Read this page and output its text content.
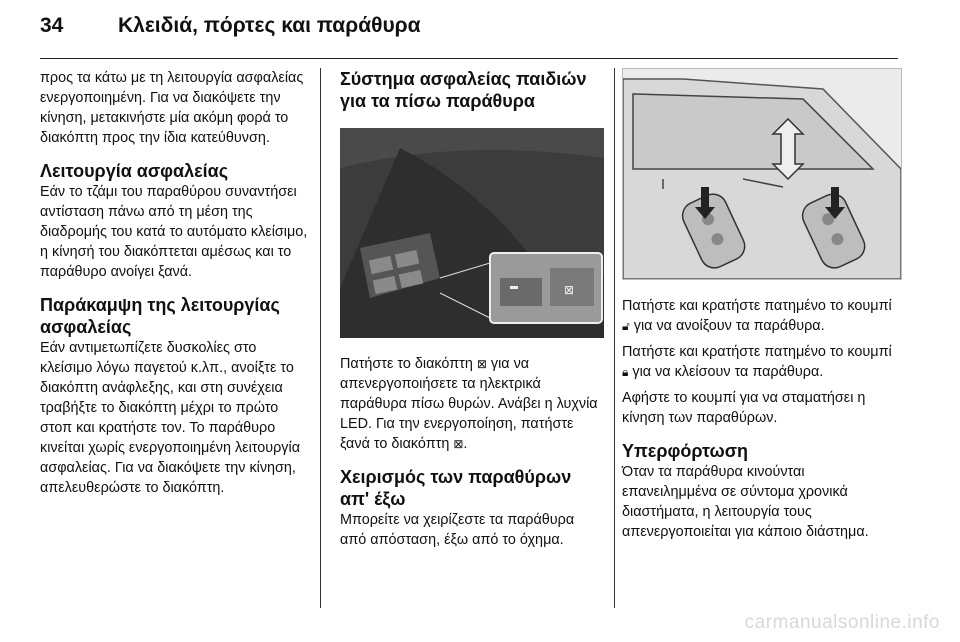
34	Κλειδιά, πόρτες και παράθυρα

προς τα κάτω με τη λειτουργία ασφαλείας ενεργοποιημένη. Για να διακόψετε την κίνηση, μετακινήστε μία ακόμη φορά το διακόπτη προς την ίδια κατεύθυνση.

Λειτουργία ασφαλείας

Εάν το τζάμι του παραθύρου συναντήσει αντίσταση πάνω από τη μέση της διαδρομής του κατά το αυτόματο κλείσιμο, η κίνησή του διακόπτεται αμέσως και το παράθυρο ανοίγει ξανά.

Παράκαμψη της λειτουργίας ασφαλείας

Εάν αντιμετωπίζετε δυσκολίες στο κλείσιμο λόγω παγετού κ.λπ., ανοίξτε το διακόπτη ανάφλεξης, και στη συνέχεια τραβήξτε το διακόπτη μέχρι το πρώτο στοπ και κρατήστε τον. Το παράθυρο κινείται χωρίς ενεργοποιημένη λειτουργία ασφαλείας. Για να διακόψετε την κίνηση, απελευθερώστε το διακόπτη.

Σύστημα ασφαλείας παιδιών για τα πίσω παράθυρα
⊠

Πατήστε το διακόπτη ⊠ για να απενεργοποιήσετε τα ηλεκτρικά παράθυρα πίσω θυρών. Ανάβει η λυχνία LED. Για την ενεργοποίηση, πατήστε ξανά το διακόπτη ⊠.

Χειρισμός των παραθύρων απ' έξω

Μπορείτε να χειρίζεστε τα παράθυρα από απόσταση, έξω από το όχημα.

Πατήστε και κρατήστε πατημένο το κουμπί 🔓︎ για να ανοίξουν τα παράθυρα.

Πατήστε και κρατήστε πατημένο το κουμπί 🔒︎ για να κλείσουν τα παράθυρα.

Αφήστε το κουμπί για να σταματήσει η κίνηση των παραθύρων.

Υπερφόρτωση

Όταν τα παράθυρα κινούνται επανειλημμένα σε σύντομα χρονικά διαστήματα, η λειτουργία τους απενεργοποιείται για κάποιο διάστημα.

carmanualsonline.info
